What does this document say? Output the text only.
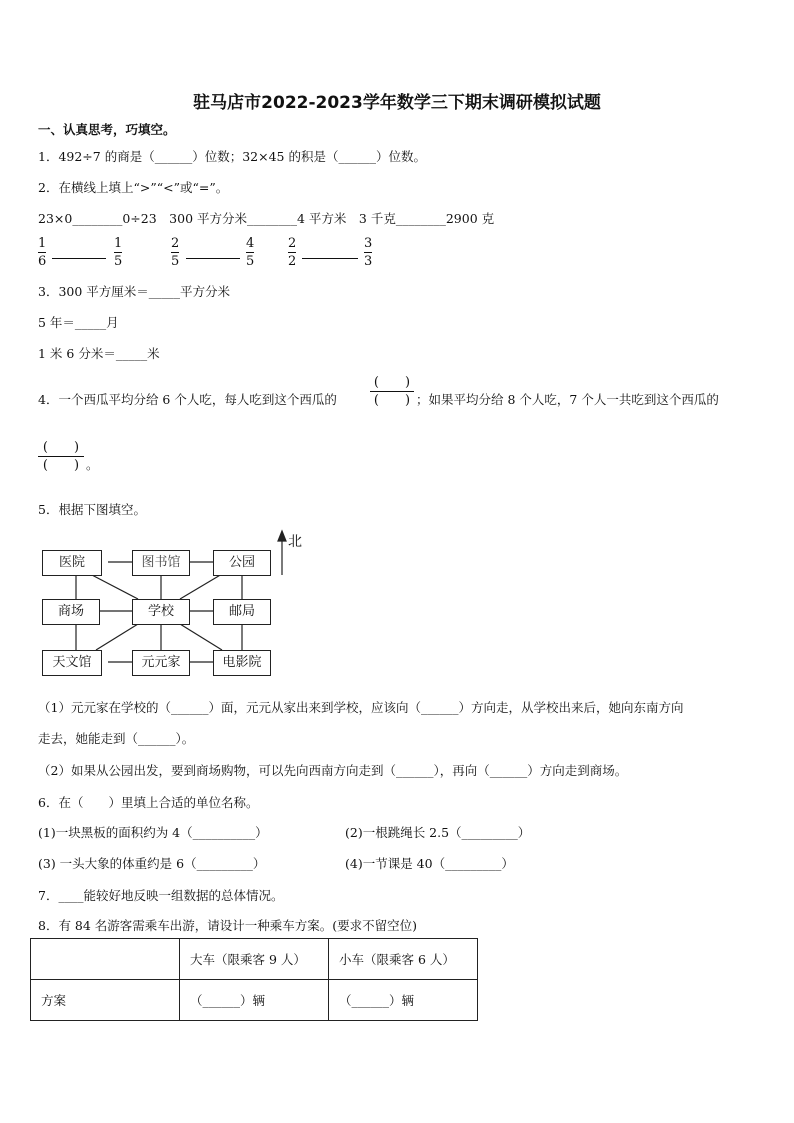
驻马店市2022-2023学年数学三下期末调研模拟试题
一、认真思考，巧填空。
1．492÷7 的商是（______）位数；32×45 的积是（______）位数。
2．在横线上填上“>”“<”或“=”。
23×0________0÷23　300 平方分米________4 平方米　3 千克________2900 克
1
6
1
5
2
5
4
5
2
2
3
3
3．300 平方厘米＝_____平方分米
5 年＝_____月
1 米 6 分米＝_____米
4．一个西瓜平均分给 6 个人吃，每人吃到这个西瓜的
(　　)
(　　) ；如果平均分给 8 个人吃，7 个人一共吃到这个西瓜的
(　　)
(　　) 。
5．根据下图填空。
北
医院	图书馆	公园
商场	学校	邮局
天文馆	元元家	电影院
（1）元元家在学校的（______）面，元元从家出来到学校，应该向（______）方向走，从学校出来后，她向东南方向
走去，她能走到（______）。
（2）如果从公园出发，要到商场购物，可以先向西南方向走到（______），再向（______）方向走到商场。
6．在（　　）里填上合适的单位名称。
(1)一块黑板的面积约为 4（__________）	(2)一根跳绳长 2.5（_________）
(3) 一头大象的体重约是 6（_________）	(4)一节课是 40（_________）
7．____能较好地反映一组数据的总体情况。
8．有 84 名游客需乘车出游，请设计一种乘车方案。(要求不留空位)
	大车（限乘客 9 人）	小车（限乘客 6 人）
方案	（______）辆	（______）辆
